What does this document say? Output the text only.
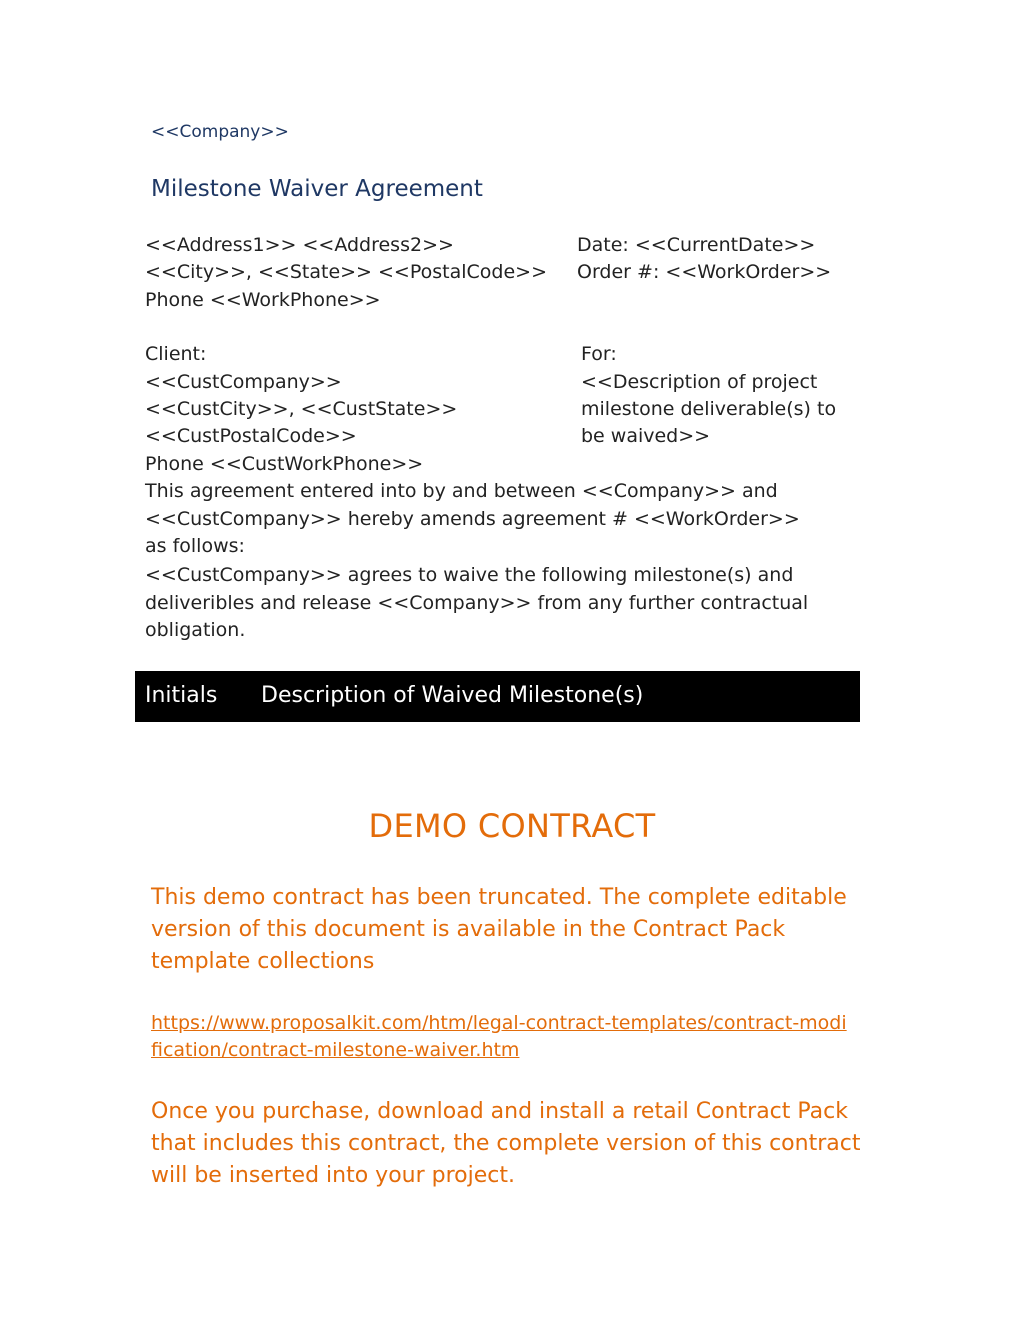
<<Company>>
Milestone Waiver Agreement
<<Address1>> <<Address2>>
<<City>>, <<State>> <<PostalCode>>
Phone <<WorkPhone>>
Date: <<CurrentDate>>
Order #: <<WorkOrder>>
Client:
<<CustCompany>>
<<CustCity>>, <<CustState>>
<<CustPostalCode>>
Phone <<CustWorkPhone>>
For:
<<Description of project
milestone deliverable(s) to
be waived>>
This agreement entered into by and between <<Company>> and <<CustCompany>> hereby amends agreement # <<WorkOrder>> as follows:
<<CustCompany>> agrees to waive the following milestone(s) and deliveribles and release <<Company>> from any further contractual obligation.
Initials Description of Waived Milestone(s)
DEMO CONTRACT
This demo contract has been truncated. The complete editable version of this document is available in the Contract Pack template collections
https://www.proposalkit.com/htm/legal-contract-templates/contract-modification/contract-milestone-waiver.htm
Once you purchase, download and install a retail Contract Pack that includes this contract, the complete version of this contract will be inserted into your project.
